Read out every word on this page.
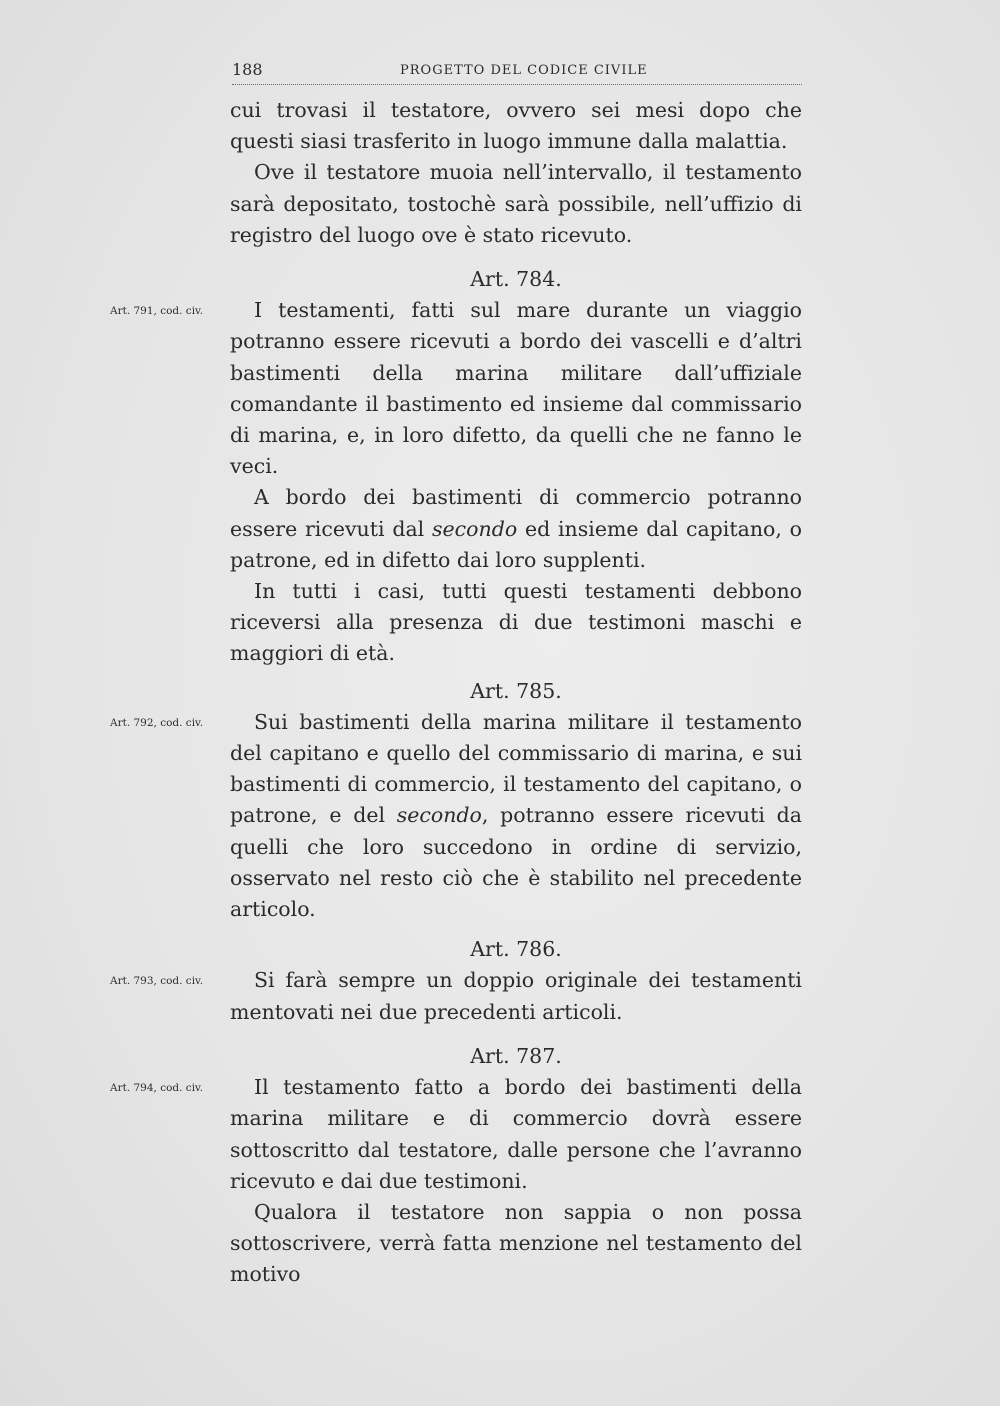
188	PROGETTO DEL CODICE CIVILE

cui trovasi il testatore, ovvero sei mesi dopo che questi siasi trasferito in luogo immune dalla malattia.

Ove il testatore muoia nell’intervallo, il testamento sarà depositato, tostochè sarà possibile, nell’uffizio di registro del luogo ove è stato ricevuto.

Art. 784.
Art. 791, cod. civ.	I testamenti, fatti sul mare durante un viaggio potranno essere ricevuti a bordo dei vascelli e d’altri bastimenti della marina militare dall’uffiziale comandante il bastimento ed insieme dal commissario di marina, e, in loro difetto, da quelli che ne fanno le veci.

A bordo dei bastimenti di commercio potranno essere ricevuti dal secondo ed insieme dal capitano, o patrone, ed in difetto dai loro supplenti.

In tutti i casi, tutti questi testamenti debbono riceversi alla presenza di due testimoni maschi e maggiori di età.

Art. 785.
Art. 792, cod. civ.	Sui bastimenti della marina militare il testamento del capitano e quello del commissario di marina, e sui bastimenti di commercio, il testamento del capitano, o patrone, e del secondo, potranno essere ricevuti da quelli che loro succedono in ordine di servizio, osservato nel resto ciò che è stabilito nel precedente articolo.

Art. 786.
Art. 793, cod. civ.	Si farà sempre un doppio originale dei testamenti mentovati nei due precedenti articoli.

Art. 787.
Art. 794, cod. civ.	Il testamento fatto a bordo dei bastimenti della marina militare e di commercio dovrà essere sottoscritto dal testatore, dalle persone che l’avranno ricevuto e dai due testimoni.

Qualora il testatore non sappia o non possa sottoscrivere, verrà fatta menzione nel testamento del motivo
